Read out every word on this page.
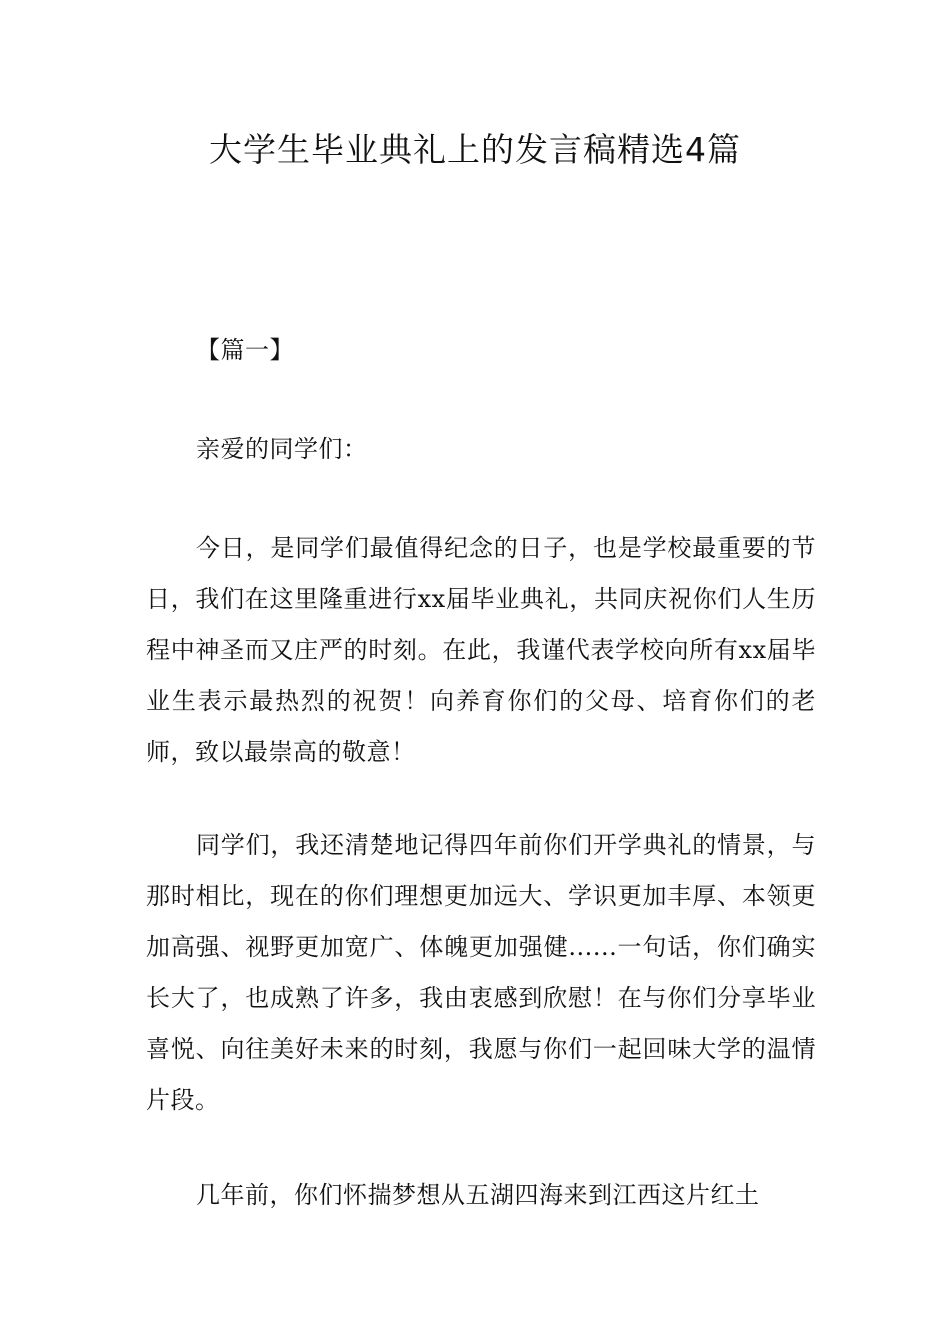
大学生毕业典礼上的发言稿精选4篇
【篇一】
亲爱的同学们：
今日，是同学们最值得纪念的日子，也是学校最重要的节日，我们在这里隆重进行xx届毕业典礼，共同庆祝你们人生历程中神圣而又庄严的时刻。在此，我谨代表学校向所有xx届毕业生表示最热烈的祝贺！向养育你们的父母、培育你们的老师，致以最崇高的敬意！
同学们，我还清楚地记得四年前你们开学典礼的情景，与那时相比，现在的你们理想更加远大、学识更加丰厚、本领更加高强、视野更加宽广、体魄更加强健......一句话，你们确实长大了，也成熟了许多，我由衷感到欣慰！在与你们分享毕业喜悦、向往美好未来的时刻，我愿与你们一起回味大学的温情片段。
几年前，你们怀揣梦想从五湖四海来到江西这片红土
